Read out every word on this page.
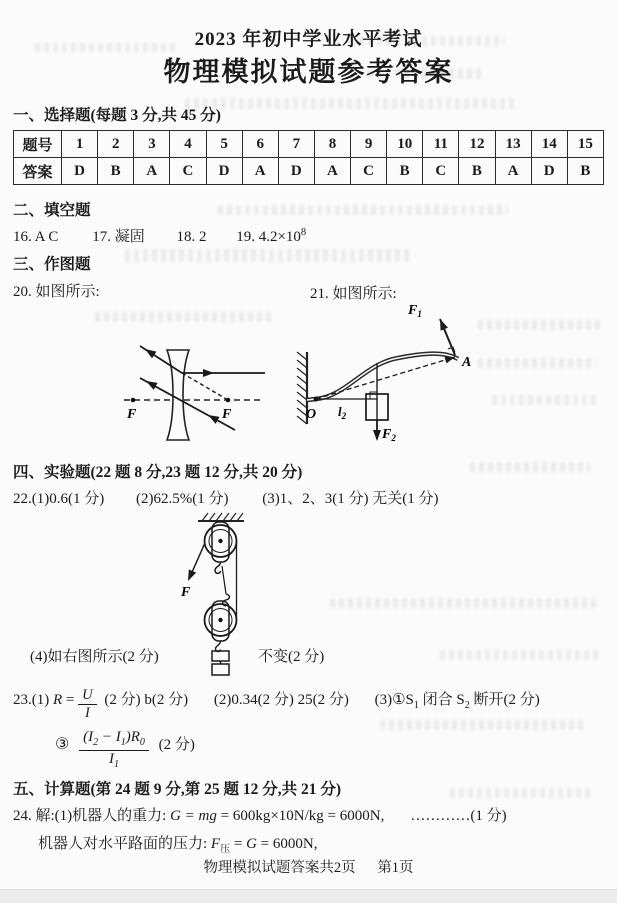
2023 年初中学业水平考试
物理模拟试题参考答案
一、选择题(每题 3 分,共 45 分)
题号	1	2	3	4	5	6	7	8	9	10	11	12	13	14	15
答案	D	B	A	C	D	A	D	A	C	B	C	B	A	D	B
二、填空题
16. A C 17. 凝固 18. 2 19. $4.2\times 10^8$
三、作图题
20. 如图所示:	21. 如图所示:
F	F
$F_1$
A
O $l_2$
$F_2$
四、实验题(22 题 8 分,23 题 12 分,共 20 分)
22.(1)0.6(1 分) (2)62.5%(1 分) (3)1、2、3(1 分) 无关(1 分)
F
(4)如右图所示(2 分)	不变(2 分)
23.(1) $R = \frac{U}{I} (2$ 分) b(2 分) (2)0.34(2 分) 25(2 分) $(3)①S_1$ 闭合 $S_2$ 断开(2 分)
③ $\frac{(I_2 - I_1)R_0}{I_1} (2$ 分)
五、计算题(第 24 题 9 分,第 25 题 12 分,共 21 分)
24. 解:(1)机器人的重力: G = mg = 600kg×10N/kg = 6000N, …………(1 分)
机器人对水平路面的压力: $F_压 = G = 6000N$,
物理模拟试题答案共2页 第1页
